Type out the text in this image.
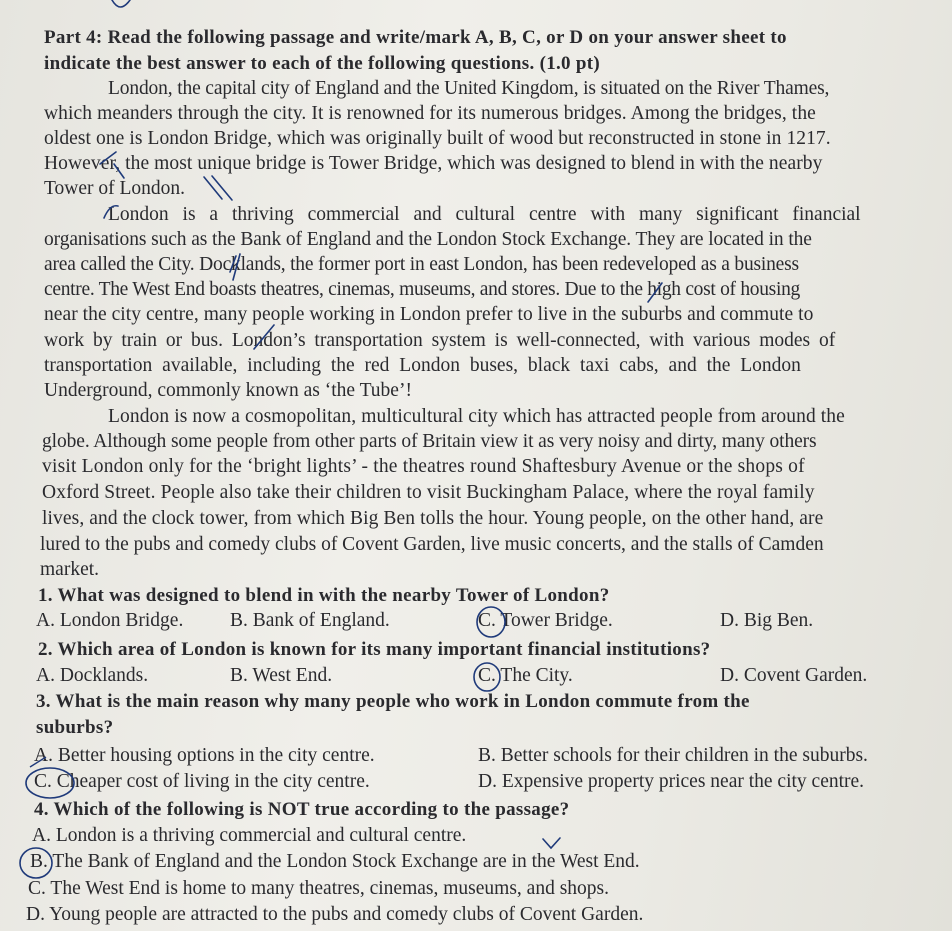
Part 4: Read the following passage and write/mark A, B, C, or D on your answer sheet to
indicate the best answer to each of the following questions. (1.0 pt)
London, the capital city of England and the United Kingdom, is situated on the River Thames,
which meanders through the city. It is renowned for its numerous bridges. Among the bridges, the
oldest one is London Bridge, which was originally built of wood but reconstructed in stone in 1217.
However, the most unique bridge is Tower Bridge, which was designed to blend in with the nearby
Tower of London.
London is a thriving commercial and cultural centre with many significant financial
organisations such as the Bank of England and the London Stock Exchange. They are located in the
area called the City. Docklands, the former port in east London, has been redeveloped as a business
centre. The West End boasts theatres, cinemas, museums, and stores. Due to the high cost of housing
near the city centre, many people working in London prefer to live in the suburbs and commute to
work by train or bus. London’s transportation system is well-connected, with various modes of
transportation available, including the red London buses, black taxi cabs, and the London
Underground, commonly known as ‘the Tube’!
London is now a cosmopolitan, multicultural city which has attracted people from around the
globe. Although some people from other parts of Britain view it as very noisy and dirty, many others
visit London only for the ‘bright lights’ - the theatres round Shaftesbury Avenue or the shops of
Oxford Street. People also take their children to visit Buckingham Palace, where the royal family
lives, and the clock tower, from which Big Ben tolls the hour. Young people, on the other hand, are
lured to the pubs and comedy clubs of Covent Garden, live music concerts, and the stalls of Camden
market.
1. What was designed to blend in with the nearby Tower of London?
A. London Bridge. B. Bank of England.	C. Tower Bridge.	D. Big Ben.
2. Which area of London is known for its many important financial institutions?
A. Docklands.	B. West End.	C. The City.	D. Covent Garden.
3. What is the main reason why many people who work in London commute from the
suburbs?
A. Better housing options in the city centre.	B. Better schools for their children in the suburbs.
C. Cheaper cost of living in the city centre.	D. Expensive property prices near the city centre.
4. Which of the following is NOT true according to the passage?
A. London is a thriving commercial and cultural centre.
B. The Bank of England and the London Stock Exchange are in the West End.
C. The West End is home to many theatres, cinemas, museums, and shops.
D. Young people are attracted to the pubs and comedy clubs of Covent Garden.
